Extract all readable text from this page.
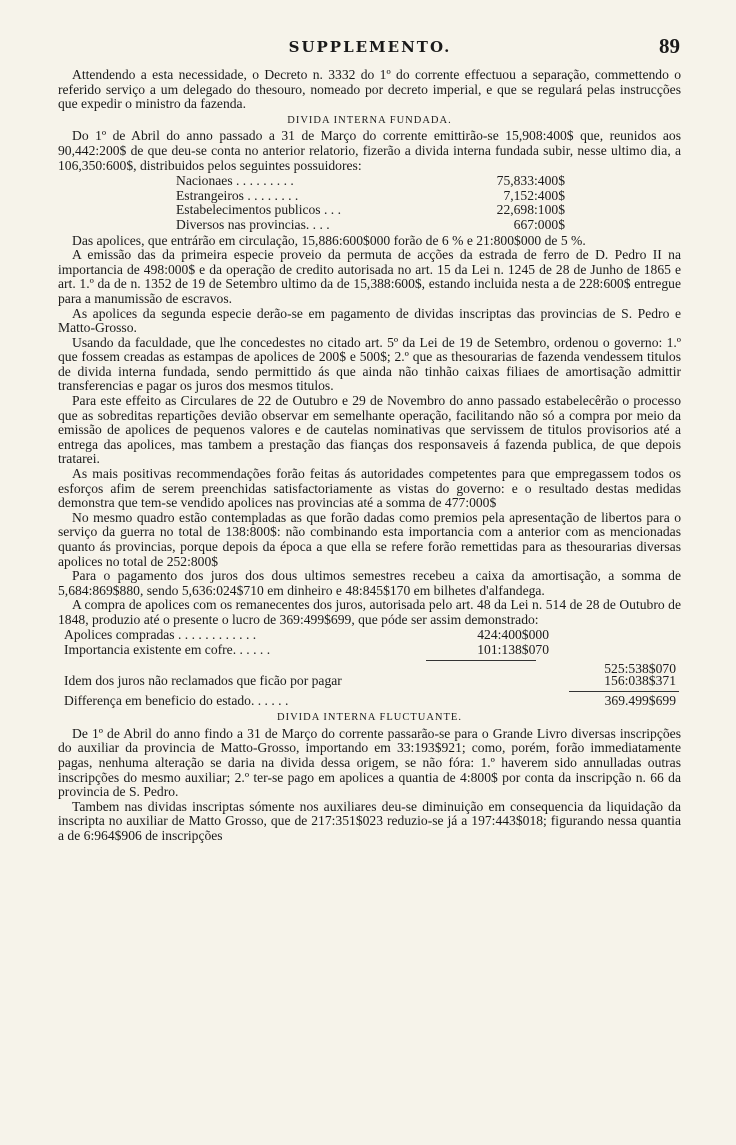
SUPPLEMENTO.	89

Attendendo a esta necessidade, o Decreto n. 3332 do 1º do corrente effectuou a separação, commettendo o referido serviço a um delegado do thesouro, nomeado por decreto imperial, e que se regulará pelas instrucções que expedir o ministro da fazenda.

DIVIDA INTERNA FUNDADA.

Do 1º de Abril do anno passado a 31 de Março do corrente emittirão-se 15,908:400$ que, reunidos aos 90,442:200$ de que deu-se conta no anterior relatorio, fizerão a divida interna fundada subir, nesse ultimo dia, a 106,350:600$, distribuidos pelos seguintes possuidores:

Nacionaes . . . . . . . . .	75,833:400$
Estrangeiros . . . . . . . .	7,152:400$
Estabelecimentos publicos . . .	22,698:100$
Diversos nas provincias. . . .	667:000$

Das apolices, que entrárão em circulação, 15,886:600$000 forão de 6 % e 21:800$000 de 5 %.

A emissão das da primeira especie proveio da permuta de acções da estrada de ferro de D. Pedro II na importancia de 498:000$ e da operação de credito autorisada no art. 15 da Lei n. 1245 de 28 de Junho de 1865 e art. 1.º da de n. 1352 de 19 de Setembro ultimo da de 15,388:600$, estando incluida nesta a de 228:600$ entregue para a manumissão de escravos.

As apolices da segunda especie derão-se em pagamento de dividas inscriptas das provincias de S. Pedro e Matto-Grosso.

Usando da faculdade, que lhe concedestes no citado art. 5º da Lei de 19 de Setembro, ordenou o governo: 1.º que fossem creadas as estampas de apolices de 200$ e 500$; 2.º que as thesourarias de fazenda vendessem titulos de divida interna fundada, sendo permittido ás que ainda não tinhão caixas filiaes de amortisação admittir transferencias e pagar os juros dos mesmos titulos.

Para este effeito as Circulares de 22 de Outubro e 29 de Novembro do anno passado estabelecêrão o processo que as sobreditas repartições devião observar em semelhante operação, facilitando não só a compra por meio da emissão de apolices de pequenos valores e de cautelas nominativas que servissem de titulos provisorios até a entrega das apolices, mas tambem a prestação das fianças dos responsaveis á fazenda publica, de que depois tratarei.

As mais positivas recommendações forão feitas ás autoridades competentes para que empregassem todos os esforços afim de serem preenchidas satisfactoriamente as vistas do governo: e o resultado destas medidas demonstra que tem-se vendido apolices nas provincias até a somma de 477:000$

No mesmo quadro estão contempladas as que forão dadas como premios pela apresentação de libertos para o serviço da guerra no total de 138:800$: não combinando esta importancia com a anterior com as mencionadas quanto ás provincias, porque depois da época a que ella se refere forão remettidas para as thesourarias diversas apolices no total de 252:800$

Para o pagamento dos juros dos dous ultimos semestres recebeu a caixa da amortisação, a somma de 5,684:869$880, sendo 5,636:024$710 em dinheiro e 48:845$170 em bilhetes d'alfandega.

A compra de apolices com os remanecentes dos juros, autorisada pelo art. 48 da Lei n. 514 de 28 de Outubro de 1848, produzio até o presente o lucro de 369:499$699, que póde ser assim demonstrado:

Apolices compradas . . . . . . . . . . . .	424:400$000
Importancia existente em cofre. . . . . .	101:138$070
525:538$070
Idem dos juros não reclamados que ficão por pagar	156:038$371
Differença em beneficio do estado. . . . . .	369.499$699
DIVIDA INTERNA FLUCTUANTE.

De 1º de Abril do anno findo a 31 de Março do corrente passarão-se para o Grande Livro diversas inscripções do auxiliar da provincia de Matto-Grosso, importando em 33:193$921; como, porém, forão immediatamente pagas, nenhuma alteração se daria na divida dessa origem, se não fóra: 1.º haverem sido annulladas outras inscripções do mesmo auxiliar; 2.º ter-se pago em apolices a quantia de 4:800$ por conta da inscripção n. 66 da provincia de S. Pedro.

Tambem nas dividas inscriptas sómente nos auxiliares deu-se diminuição em consequencia da liquidação da inscripta no auxiliar de Matto Grosso, que de 217:351$023 reduzio-se já a 197:443$018; figurando nessa quantia a de 6:964$906 de inscripções
